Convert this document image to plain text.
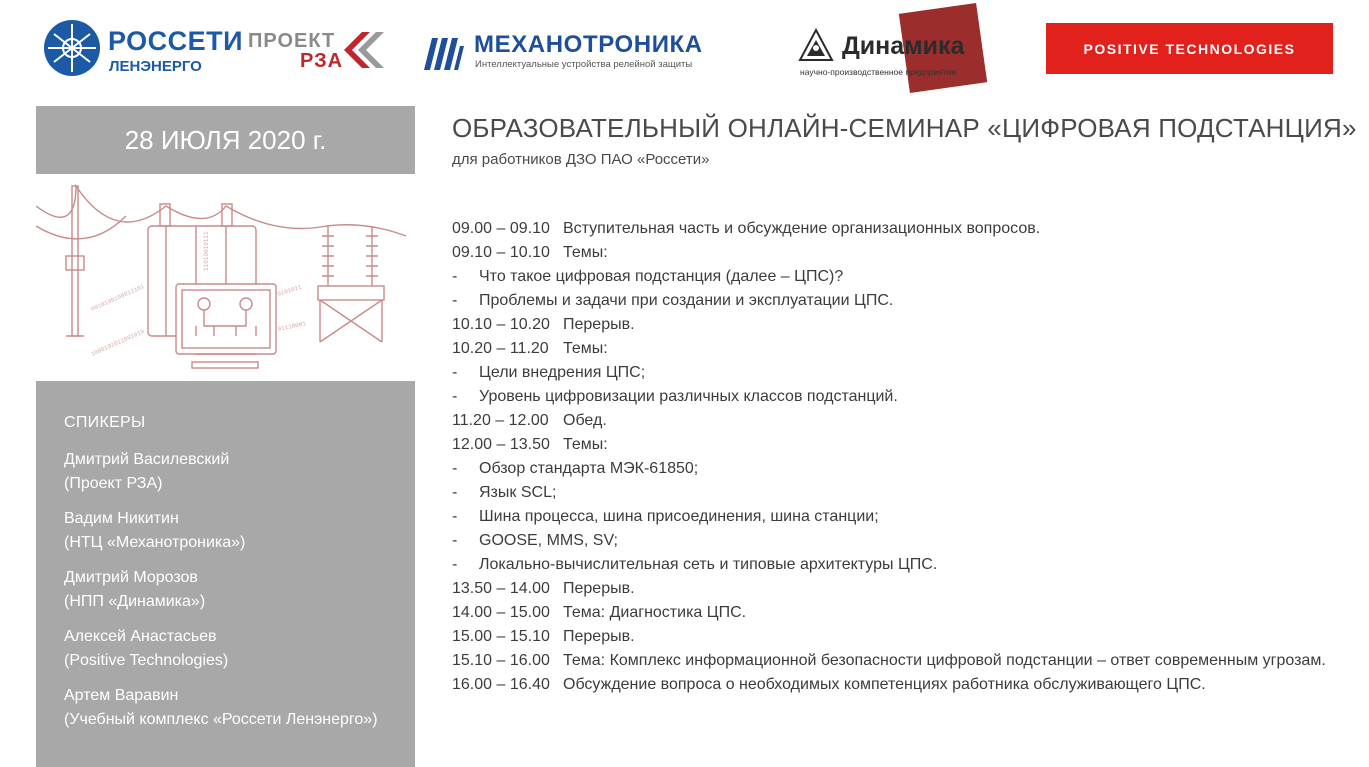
РОССЕТИ
ЛЕНЭНЕРГО
ПРОЕКТ
РЗА
МЕХАНОТРОНИКА
Интеллектуальные устройства релейной защиты
Динамика
научно-производственное предприятие
POSITIVE TECHNOLOGIES
28 ИЮЛЯ 2020 г.
0010100100011101
1000101011001010
11010010111
0101011
01110001
СПИКЕРЫ
Дмитрий Василевский
(Проект РЗА)
Вадим Никитин
(НТЦ «Механотроника»)
Дмитрий Морозов
(НПП «Динамика»)
Алексей Анастасьев
(Positive Technologies)
Артем Варавин
(Учебный комплекс «Россети Ленэнерго»)
ОБРАЗОВАТЕЛЬНЫЙ ОНЛАЙН-СЕМИНАР «ЦИФРОВАЯ ПОДСТАНЦИЯ»
для работников ДЗО ПАО «Россети»
09.00 – 09.10 Вступительная часть и обсуждение организационных вопросов.
09.10 – 10.10 Темы:
-	Что такое цифровая подстанция (далее – ЦПС)?
-	Проблемы и задачи при создании и эксплуатации ЦПС.
10.10 – 10.20 Перерыв.
10.20 – 11.20 Темы:
-	Цели внедрения ЦПС;
-	Уровень цифровизации различных классов подстанций.
11.20 – 12.00 Обед.
12.00 – 13.50 Темы:
-	Обзор стандарта МЭК-61850;
-	Язык SCL;
-	Шина процесса, шина присоединения, шина станции;
-	GOOSE, MMS, SV;
-	Локально-вычислительная сеть и типовые архитектуры ЦПС.
13.50 – 14.00 Перерыв.
14.00 – 15.00 Тема: Диагностика ЦПС.
15.00 – 15.10 Перерыв.
15.10 – 16.00 Тема: Комплекс информационной безопасности цифровой подстанции – ответ современным угрозам.
16.00 – 16.40 Обсуждение вопроса о необходимых компетенциях работника обслуживающего ЦПС.
